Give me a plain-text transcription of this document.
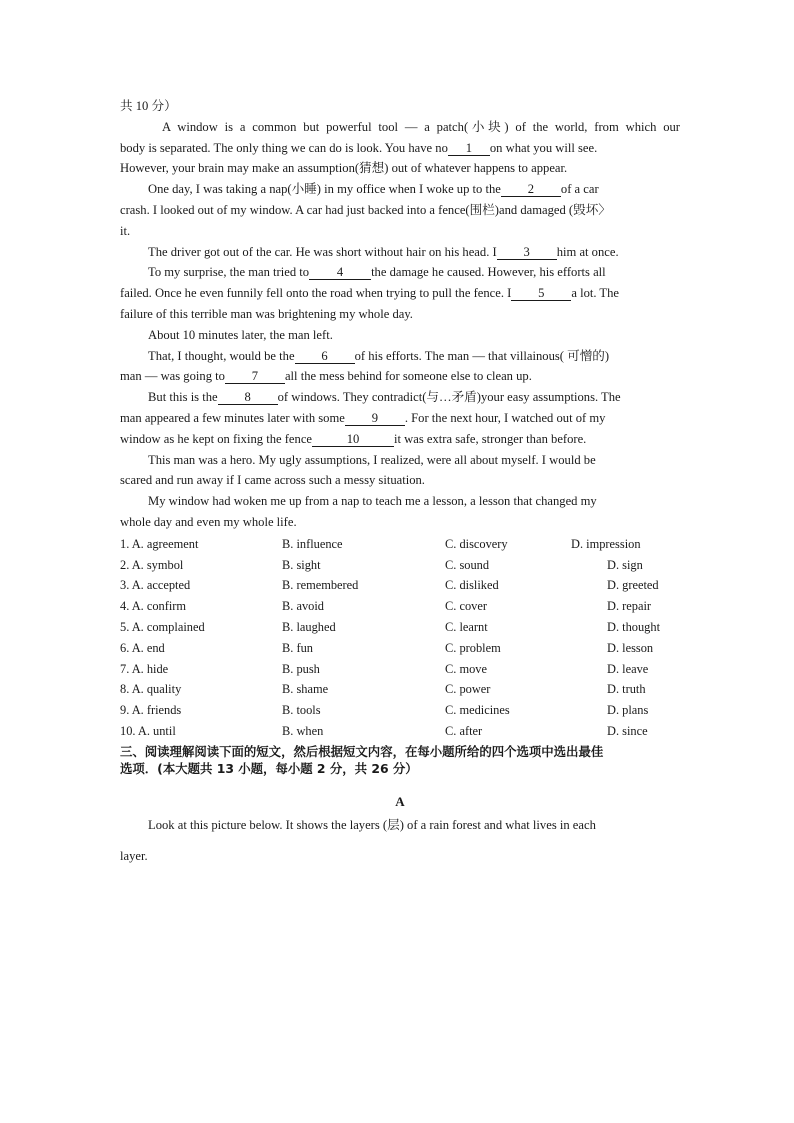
共 10 分）
A window is a common but powerful tool — a patch(小块) of the world, from which our
body is separated. The only thing we can do is look. You have no 1 on what you will see.
However, your brain may make an assumption(猜想) out of whatever happens to appear.
One day, I was taking a nap(小睡) in my office when I woke up to the 2 of a car
crash. I looked out of my window. A car had just backed into a fence(围栏)and damaged (毁坏〉
it.
The driver got out of the car. He was short without hair on his head. I 3 him at once.
To my surprise, the man tried to 4 the damage he caused. However, his efforts all
failed. Once he even funnily fell onto the road when trying to pull the fence. I 5 a lot. The
failure of this terrible man was brightening my whole day.
About 10 minutes later, the man left.
That, I thought, would be the 6 of his efforts. The man — that villainous( 可憎的)
man — was going to 7 all the mess behind for someone else to clean up.
But this is the 8 of windows. They contradict(与…矛盾)your easy assumptions. The
man appeared a few minutes later with some 9 . For the next hour, I watched out of my
window as he kept on fixing the fence	10	it was extra safe, stronger than before.
This man was a hero. My ugly assumptions, I realized, were all about myself. I would be
scared and run away if I came across such a messy situation.
My window had woken me up from a nap to teach me a lesson, a lesson that changed my
whole day and even my whole life.
1. A. agreement	B. influence	C. discovery	D. impression
2. A. symbol	B. sight	C. sound	D. sign
3. A. accepted	B. remembered	C. disliked	D. greeted
4. A. confirm	B. avoid	C. cover	D. repair
5. A. complained	B. laughed	C. learnt	D. thought
6. A. end	B. fun	C. problem	D. lesson
7. A. hide	B. push	C. move	D. leave
8. A. quality	B. shame	C. power	D. truth
9. A. friends	B. tools	C. medicines	D. plans
10. A. until	B. when	C. after	D. since
三、阅读理解阅读下面的短文，然后根据短文内容，在每小题所给的四个选项中选出最佳
选项．(本大题共 13 小题，每小题 2 分，共 26 分）
A
Look at this picture below. It shows the layers (层) of a rain forest and what lives in each
layer.
